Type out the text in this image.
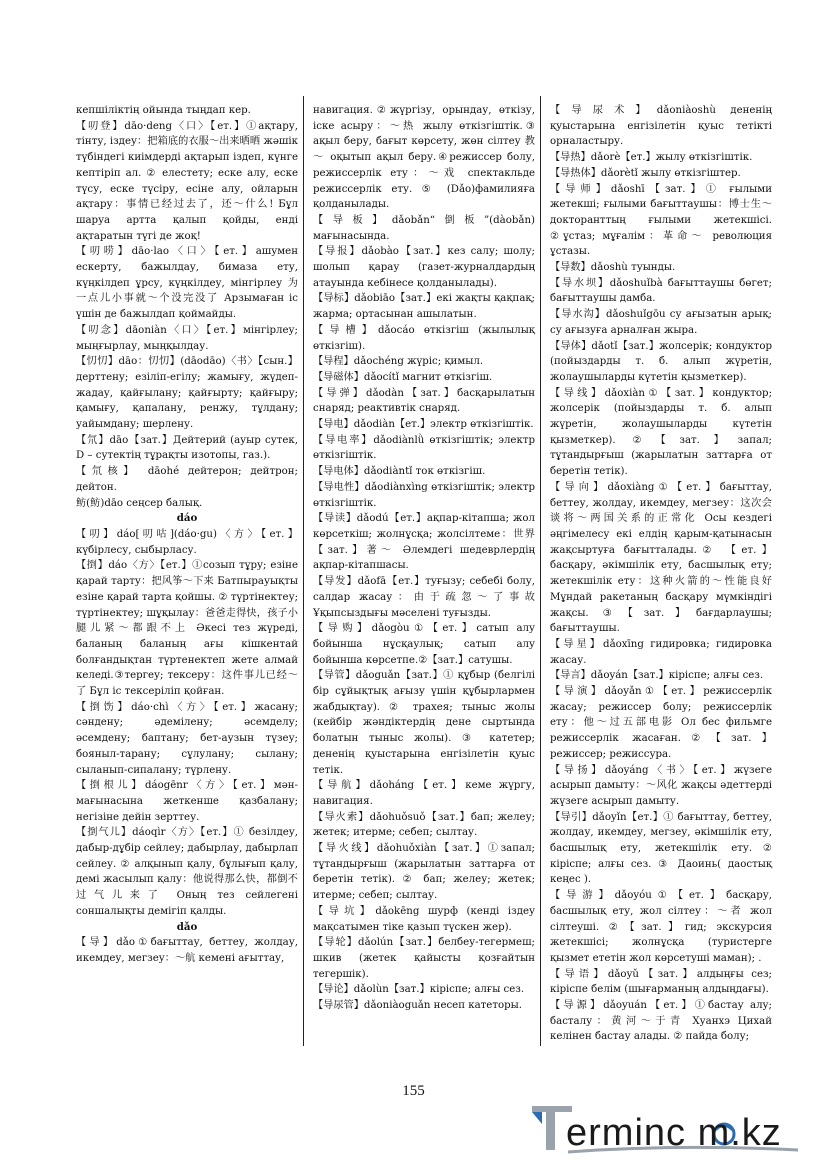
кепшіліктің ойында тыңдап кер.

【叨登】dāo·deng〈口〉【ет.】①ақтару, тінту, іздеу：把箱底的衣服～出来晒晒 жәшік түбіндегі киімдерді ақтарып іздеп, күнге кептіріп ал. ② елестету; еске алу, еске түсу, еске түсіру, есіне алу, ойларын ақтару：事情已经过去了，还～什么! Бұл шаруа артта қалып қойды, енді ақтаратын түгі де жоқ!

【叨唠】dāo·lao〈口〉【ет.】ашумен ескерту, бажылдау, бимаза ету, күңкілдеп ұрсу, күңкілдеу, мінгірлеу 为一点儿小事就～个没完没了 Арзымаған іс үшін де бажылдап қоймайды.

【叨念】dāoniàn〈口〉【ет.】мінгірлеу; мыңғырлау, мыңқылдау.

【忉忉】dāo：忉忉】(dāodāo)〈书〉【сын.】дерттену; езіліп-егілу; жамығу, жүдеп-жадау, қайғылану; қайғырту; қайғыру; қамығу, қапалану, ренжу, тұлдану; уайымдану; шерлену.

【氘】dāo【зат.】Дейтерий (ауыр сутек, D – сутектің тұрақты изотопы, газ.).

【氘核】 dāohé дейтерон; дейтрон; дейтон.

鲂(鲂)dāo сеңсер балық.

dáo

【叨】dáo[叨咕](dáo·gu)〈方〉【ет.】күбірлесу, сыбырласу.

【捯】dáo〈方〉【ет.】①созып тұру; езіне қарай тарту：把风筝～下来 Батпырауықты езіне қарай тарта қойшы. ② түртінектеу; түртінектеу; шұқылау：爸爸走得快，孩子小腿儿紧～都跟不上 Әкесі тез жүреді, баланың баланың ағы кішкентай болғандықтан түртенектеп жете алмай келеді.③тергеу; тексеру：这件事儿已经～了 Бұл іс тексеріліп қойған.

【捯饬】dáo·chì〈方〉【ет.】жасану; сәндену; әдемілену; әсемделу; әсемдену; баптану; бет-аузын түзеу; бояныл-тарану; сұлулану; сылану; сыланып-сипалану; түрлену.

【捯根儿】dáogēnr〈方〉【ет.】мән-мағынасына жеткенше қазбалану; негізіне дейін зерттеу.

【捯气儿】dáoqìr〈方〉【ет.】① безілдеу, дабыр-дұбір сейлеу; дабырлау, дабырлап сейлеу. ② алқынып қалу, бұлығып қалу, демі жасылып қалу：他说得那么快，都倒不过气儿来了 Оның тез сейлегені соншалықты демігіп қалды.

dǎo

【导】dǎo①бағыттау, беттеу, жолдау, икемдеу, мегзеу：～航 кемені ағыттау,

навигация.②жүргізу, орындау, өткізу, іске асыру：～热 жылу өткізгіштік.③ ақыл беру, бағыт көрсету, жөн сілтеу 教～ оқытып ақыл беру.④режиссер болу, режиссерлік ету：～戏 спектакльде режиссерлік ету. ⑤ (Dǎo)фамилияға қолданылады.

【导板】dǎobǎn“倒板”(dàobǎn) мағынасында.

【导报】dǎobào【зат.】кез салу; шолу; шолып қарау (газет-журналдардың атауында кебінесе қолданылады).

【导标】dǎobiāo【зат.】екі жақты қақпақ; жарма; ортасынан ашылатын.

【导槽】dǎocáo өткізгіш (жылылық өткізгіш).

【导程】dǎochéng жүріс; қимыл.

【导磁体】dǎocítǐ магнит өткізгіш.

【导弹】dǎodàn【зат.】басқарылатын снаряд; реактивтік снаряд.

【导电】dǎodiàn【ет.】электр өткізгіштік.

【导电率】dǎodiànlǜ өткізгіштік; электр өткізгіштік.

【导电体】dǎodiàntǐ ток өткізгіш.

【导电性】dǎodiànxìng өткізгіштік; электр өткізгіштік.

【导读】dǎodú【ет.】ақпар-кітапша; жол көрсеткіш; жолнұсқа; жолсілтеме：世界【зат.】著～ Әлемдегі шедеврлердің ақпар-кітапшасы.

【导发】dǎofā【ет.】туғызу; себебі болу, салдар жасау：由于疏忽～了事故 Ұқыпсыздығы мәселені туғызды.

【导购】dǎogòu①【ет.】сатып алу бойынша нұсқаулық; сатып алу бойынша көрсетпе.②【зат.】сатушы.

【导管】dǎoguǎn【зат.】① құбыр (белгілі бір сұйықтық ағызу үшін құбырлармен жабдықтау). ② трахея; тыныс жолы (кейбір жәндіктердің дене сыртында болатын тыныс жолы). ③ катетер; дененің қуыстарына енгізілетін қуыс тетік.

【导航】dǎoháng【ет.】кеме жүргу, навигация.

【导火索】dǎohuǒsuǒ【зат.】бап; желеу; жетек; итерме; себеп; сылтау.

【导火线】dǎohuǒxiàn【зат.】①запал; тұтандырғыш (жарылатын заттарға от беретін тетік). ② бап; желеу; жетек; итерме; себеп; сылтау.

【导坑】dǎokēng шурф (кенді іздеу мақсатымен тіке қазып түскен жер).

【导轮】dǎolún【зат.】белбеу-тегермеш; шкив (жетек қайысты қозғайтын тегершік).

【导论】dǎolùn【зат.】кіріспе; алғы сез.

【导尿管】dǎoniàoguǎn несеп катеторы.

【导尿术】dǎoniàoshù дененің қуыстарына енгізілетін қуыс тетікті орналастыру.

【导热】dǎorè【ет.】жылу өткізгіштік.

【导热体】dǎorètǐ жылу өткізгіштер.

【导师】dǎoshī【зат.】① ғылыми жетекші; ғылыми бағыттаушы：博士生～ докторанттың ғылыми жетекшісі. ②ұстаз; мұғалім：革命～ революция ұстазы.

【导数】dǎoshù туынды.

【导水坝】dǎoshuǐbà бағыттаушы бөгет; бағыттаушы дамба.

【导水沟】dǎoshuǐgōu су ағызатын арық; су ағызуға арналған жыра.

【导体】dǎotǐ【зат.】жолсерік; кондуктор (пойыздарды т. б. алып жүретін, жолаушыларды күтетін қызметкер).

【导线】dǎoxiàn①【зат.】кондуктор; жолсерік (пойыздарды т. б. алып жүретін, жолаушыларды күтетін қызметкер). ②【зат.】запал; тұтандырғыш (жарылатын заттарға от беретін тетік).

【导向】dǎoxiàng①【ет.】бағыттау, беттеу, жолдау, икемдеу, мегзеу：这次会谈将～两国关系的正常化 Осы кездегі әңгімелесу екі елдің қарым-қатынасын жақсыртуға бағытталады.② 【ет.】басқару, әкімшілік ету, басшылық ету; жетекшілік ету：这种火箭的～性能良好 Мұндай ракетаның басқару мүмкіндігі жақсы. ③【зат.】бағдарлаушы; бағыттаушы.

【导星】dǎoxīng гидировка; гидировка жасау.

【导言】dǎoyán【зат.】кіріспе; алғы сез.

【导演】dǎoyǎn①【ет.】режиссерлік жасау; режиссер болу; режиссерлік ету：他～过五部电影 Ол бес фильмге режиссерлік жасаған.②【зат.】режиссер; режиссура.

【导扬】dǎoyáng〈书〉【ет.】жүзеге асырып дамыту：～风化 жақсы әдеттерді жүзеге асырып дамыту.

【导引】dǎoyǐn【ет.】① бағыттау, беттеу, жолдау, икемдеу, мегзеу, әкімшілік ету, басшылық ету, жетекшілік ету.② кіріспе; алғы сез. ③ Даоинь( даостық кеңес ).

【导游】dǎoyóu①【ет.】басқару, басшылық ету, жол сілтеу：～者 жол сілтеуші. ②【зат.】гид; экскурсия жетекшісі; жолнұсқа (туристерге қызмет ететін жол көрсетуші маман); .

【导语】dǎoyǔ【зат.】алдыңғы сез; кіріспе белім (шығарманың алдыңдағы).

【导源】dǎoyuán【ет.】①бастау алу; басталу：黄河～于青 Хуанхэ Цихай келінен бастау алады. ② пайда болу;

155
erminc m.kz
